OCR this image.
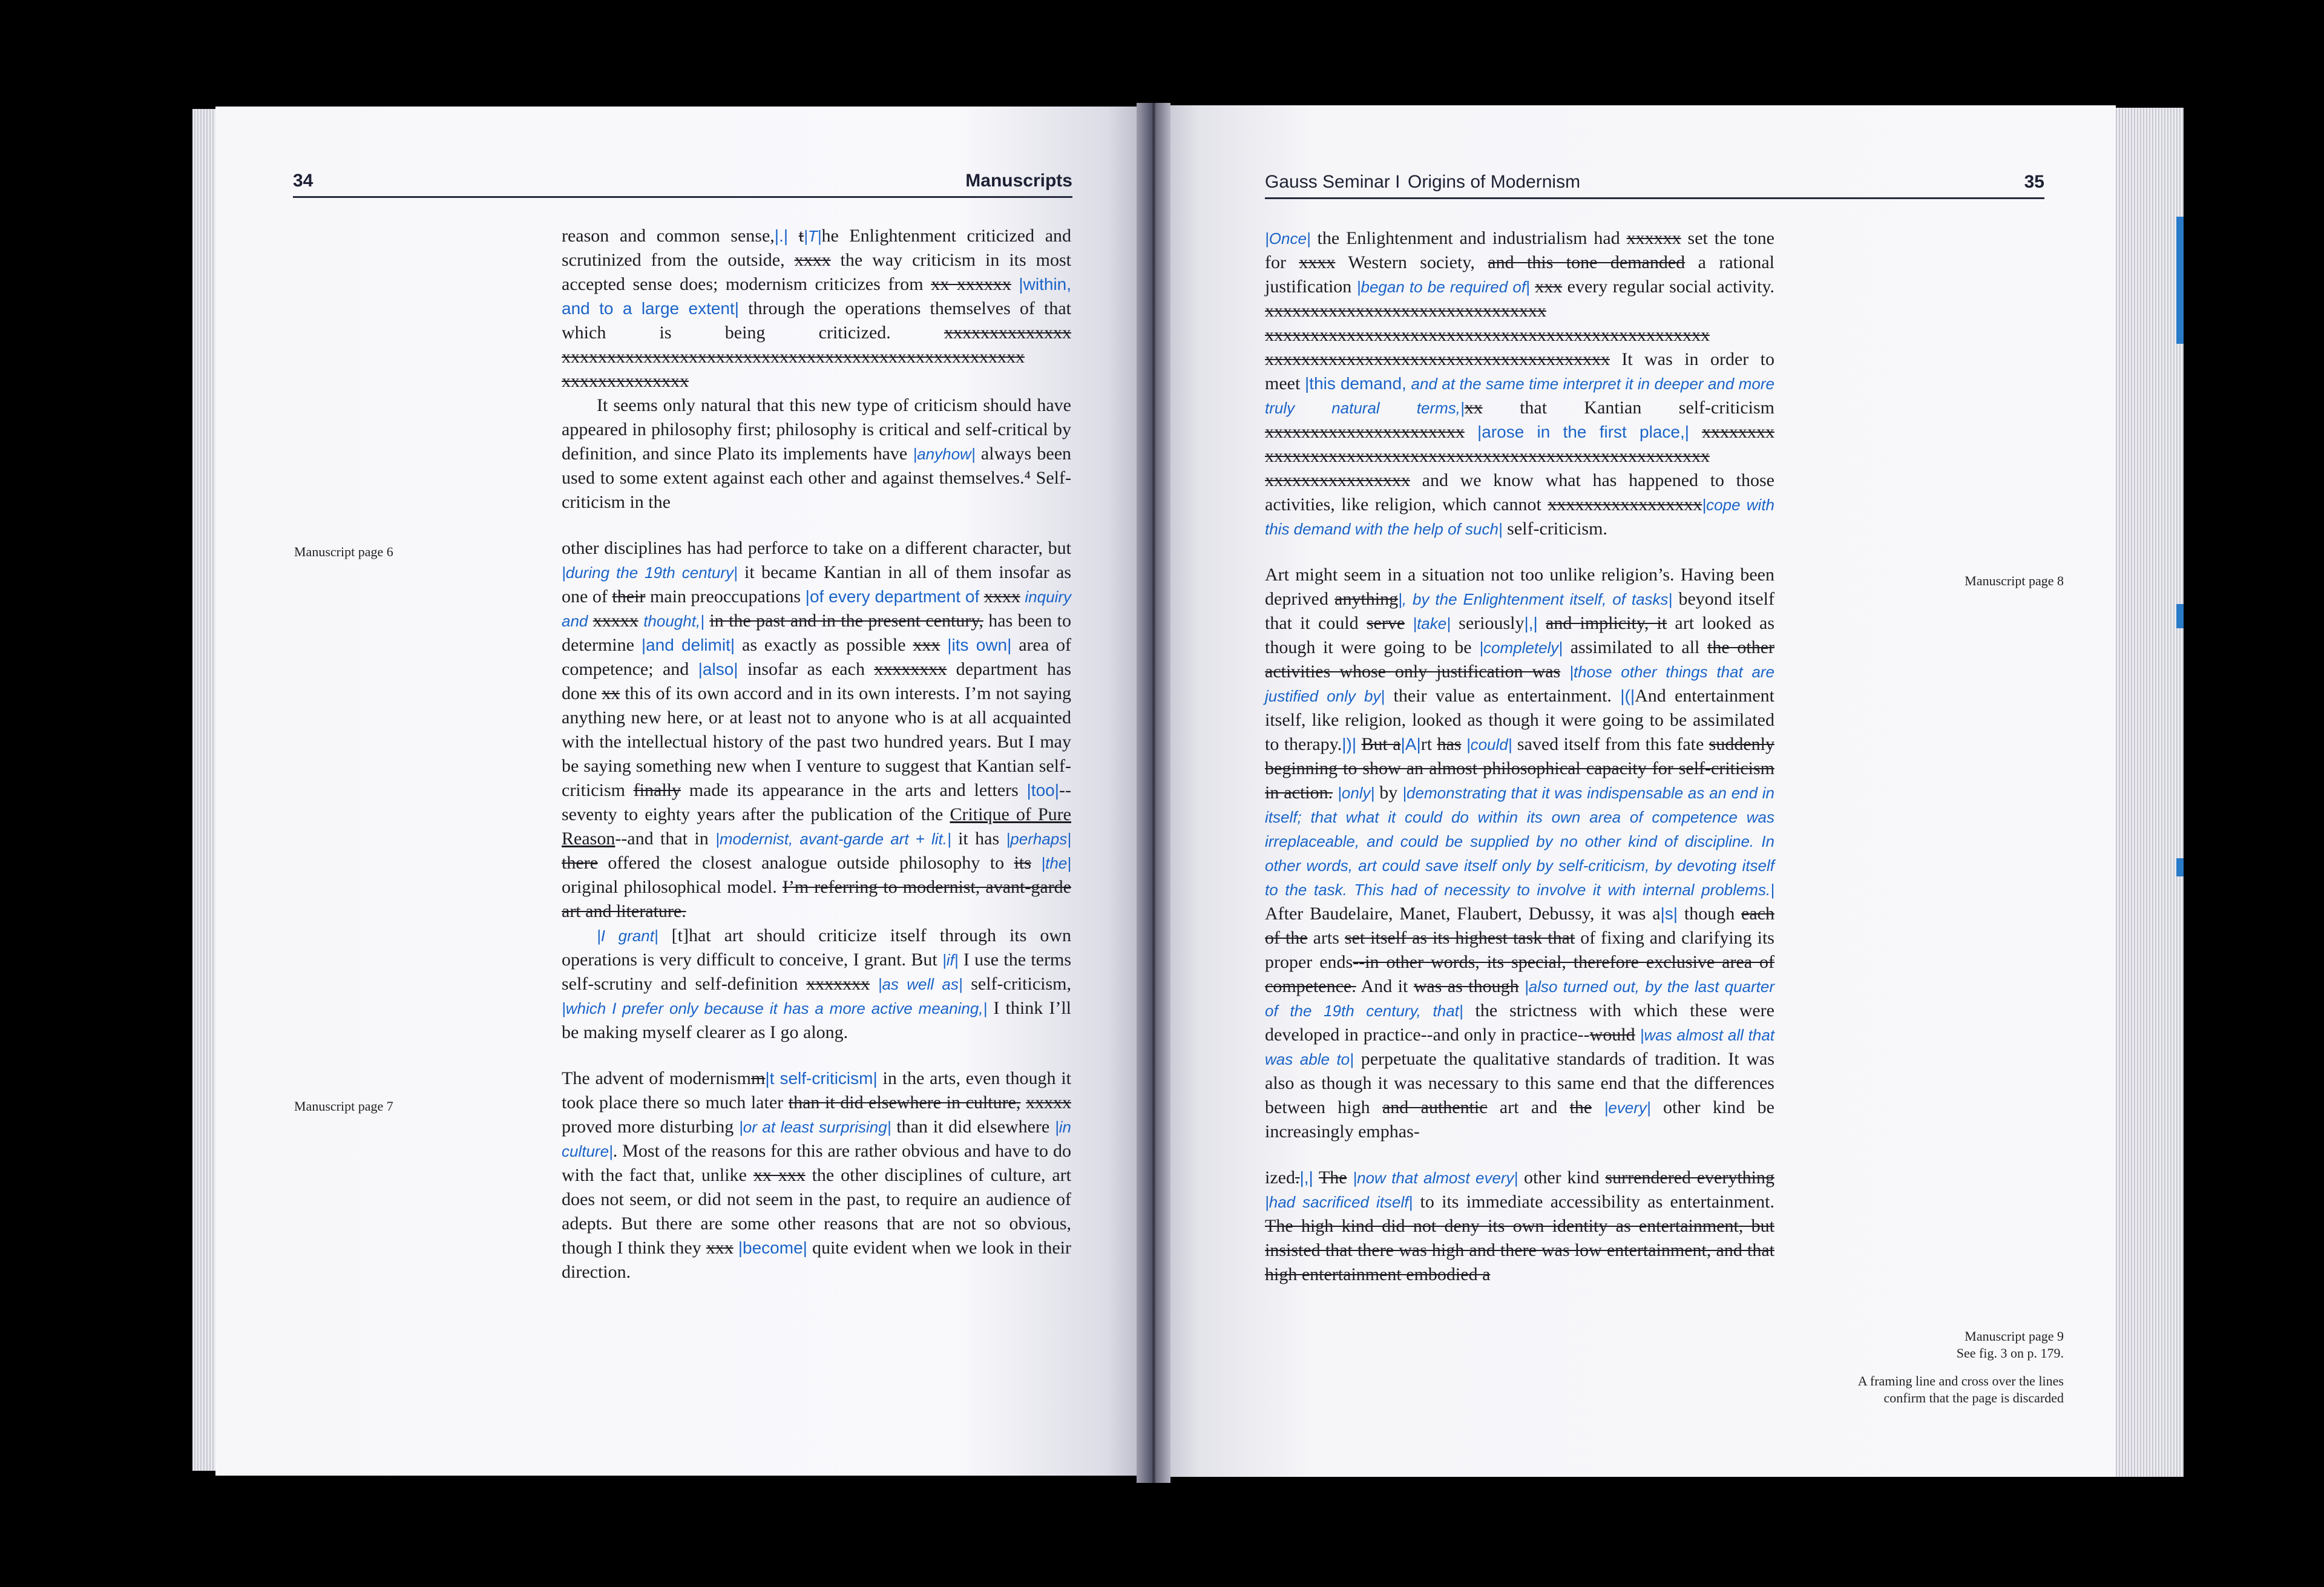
34	Manuscripts
Manuscript page 6
Manuscript page 7

reason and common sense,|.| t|T|he Enlightenment criticized and scrutinized from the outside, xxxx the way criticism in its most accepted sense does; modernism criticizes from xx xxxxxx |within, and to a large extent| through the operations themselves of that which is being criticized. xxxxxxxxxxxxxx xxxxxxxxxxxxxxxxxxxxxxxxxxxxxxxxxxxxxxxxxxxxxxxxxxx xxxxxxxxxxxxxx

It seems only natural that this new type of criticism should have appeared in philosophy first; philosophy is critical and self-critical by definition, and since Plato its implements have |anyhow| always been used to some extent against each other and against themselves.⁴ Self-criticism in the

other disciplines has had perforce to take on a different character, but |during the 19th century| it became Kantian in all of them insofar as one of their main preoccupations |of every department of xxxx inquiry and xxxxx thought,| in the past and in the present century, has been to determine |and delimit| as exactly as possible xxx |its own| area of competence; and |also| insofar as each xxxxxxxx department has done xx this of its own accord and in its own interests. I’m not saying anything new here, or at least not to anyone who is at all acquainted with the intellectual history of the past two hundred years. But I may be saying something new when I venture to suggest that Kantian self-criticism finally made its appearance in the arts and letters |too|--seventy to eighty years after the publication of the Critique of Pure Reason--and that in |modernist, avant-garde art + lit.| it has |perhaps| there offered the closest analogue outside philosophy to its |the| original philosophical model. I’m referring to modernist, avant-garde art and literature.

|I grant| [t]hat art should criticize itself through its own operations is very difficult to conceive, I grant. But |if| I use the terms self-scrutiny and self-definition xxxxxxx |as well as| self-criticism, |which I prefer only because it has a more active meaning,| I think I’ll be making myself clearer as I go along.

The advent of modernismm|t self-criticism| in the arts, even though it took place there so much later than it did elsewhere in culture, xxxxx proved more disturbing |or at least surprising| than it did elsewhere |in culture|. Most of the reasons for this are rather obvious and have to do with the fact that, unlike xx xxx the other disciplines of culture, art does not seem, or did not seem in the past, to require an audience of adepts. But there are some other reasons that are not so obvious, though I think they xxx |become| quite evident when we look in their direction.

Gauss Seminar I Origins of Modernism	35
Manuscript page 8
Manuscript page 9
See fig. 3 on p. 179.
A framing line and cross over the lines
confirm that the page is discarded

|Once| the Enlightenment and industrialism had xxxxxx set the tone for xxxx Western society, and this tone demanded a rational justification |began to be required of| xxx every regular social activity. xxxxxxxxxxxxxxxxxxxxxxxxxxxxxxx xxxxxxxxxxxxxxxxxxxxxxxxxxxxxxxxxxxxxxxxxxxxxxxxx xxxxxxxxxxxxxxxxxxxxxxxxxxxxxxxxxxxxxx It was in order to meet |this demand, and at the same time interpret it in deeper and more truly natural terms,|xx that Kantian self-criticism xxxxxxxxxxxxxxxxxxxxxx |arose in the first place,| xxxxxxxx xxxxxxxxxxxxxxxxxxxxxxxxxxxxxxxxxxxxxxxxxxxxxxxxx xxxxxxxxxxxxxxxx and we know what has happened to those activities, like religion, which cannot xxxxxxxxxxxxxxxxx|cope with this demand with the help of such| self-criticism.

Art might seem in a situation not too unlike religion’s. Having been deprived anything|, by the Enlightenment itself, of tasks| beyond itself that it could serve |take| seriously|,| and implicity, it art looked as though it were going to be |completely| assimilated to all the other activities whose only justification was |those other things that are justified only by| their value as entertainment. |(|And entertainment itself, like religion, looked as though it were going to be assimilated to therapy.|)| But a|A|rt has |could| saved itself from this fate suddenly beginning to show an almost philosophical capacity for self-criticism in action. |only| by |demonstrating that it was indispensable as an end in itself; that what it could do within its own area of competence was irreplaceable, and could be supplied by no other kind of discipline. In other words, art could save itself only by self-criticism, by devoting itself to the task. This had of necessity to involve it with internal problems.| After Baudelaire, Manet, Flaubert, Debussy, it was a|s| though each of the arts set itself as its highest task that of fixing and clarifying its proper ends--in other words, its special, therefore exclusive area of competence. And it was as though |also turned out, by the last quarter of the 19th century, that| the strictness with which these were developed in practice--and only in practice--would |was almost all that was able to| perpetuate the qualitative standards of tradition. It was also as though it was necessary to this same end that the differences between high and authentic art and the |every| other kind be increasingly emphas-

ized.|,| The |now that almost every| other kind surrendered everything |had sacrificed itself| to its immediate accessibility as entertainment. The high kind did not deny its own identity as entertainment, but insisted that there was high and there was low entertainment, and that high entertainment embodied a
